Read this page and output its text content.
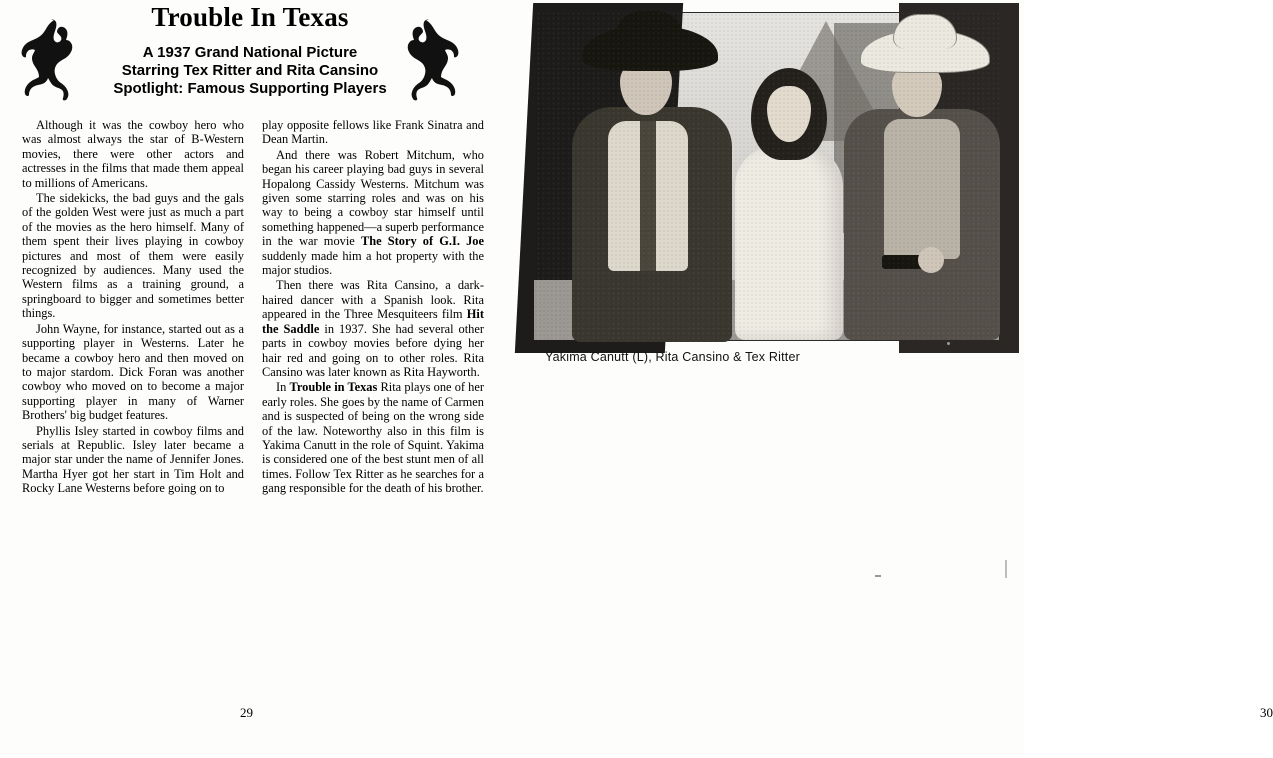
Trouble In Texas
A 1937 Grand National Picture
Starring Tex Ritter and Rita Cansino
Spotlight: Famous Supporting Players

Although it was the cowboy hero who was almost always the star of B-Western movies, there were other actors and actresses in the films that made them appeal to millions of Americans.

The sidekicks, the bad guys and the gals of the golden West were just as much a part of the movies as the hero himself. Many of them spent their lives playing in cowboy pictures and most of them were easily recognized by audiences. Many used the Western films as a training ground, a springboard to bigger and sometimes better things.

John Wayne, for instance, started out as a supporting player in Westerns. Later he became a cowboy hero and then moved on to major stardom. Dick Foran was another cowboy who moved on to become a major supporting player in many of Warner Brothers' big budget features.

Phyllis Isley started in cowboy films and serials at Republic. Isley later became a major star under the name of Jennifer Jones. Martha Hyer got her start in Tim Holt and Rocky Lane Westerns before going on to

play opposite fellows like Frank Sinatra and Dean Martin.

And there was Robert Mitchum, who began his career playing bad guys in several Hopalong Cassidy Westerns. Mitchum was given some starring roles and was on his way to being a cowboy star himself until something happened—a superb performance in the war movie The Story of G.I. Joe suddenly made him a hot property with the major studios.

Then there was Rita Cansino, a dark-haired dancer with a Spanish look. Rita appeared in the Three Mesquiteers film Hit the Saddle in 1937. She had several other parts in cowboy movies before dying her hair red and going on to other roles. Rita Cansino was later known as Rita Hayworth.

In Trouble in Texas Rita plays one of her early roles. She goes by the name of Carmen and is suspected of being on the wrong side of the law. Noteworthy also in this film is Yakima Canutt in the role of Squint. Yakima is considered one of the best stunt men of all times. Follow Tex Ritter as he searches for a gang responsible for the death of his brother.

29
Yakima Canutt (L), Rita Cansino & Tex Ritter
30
